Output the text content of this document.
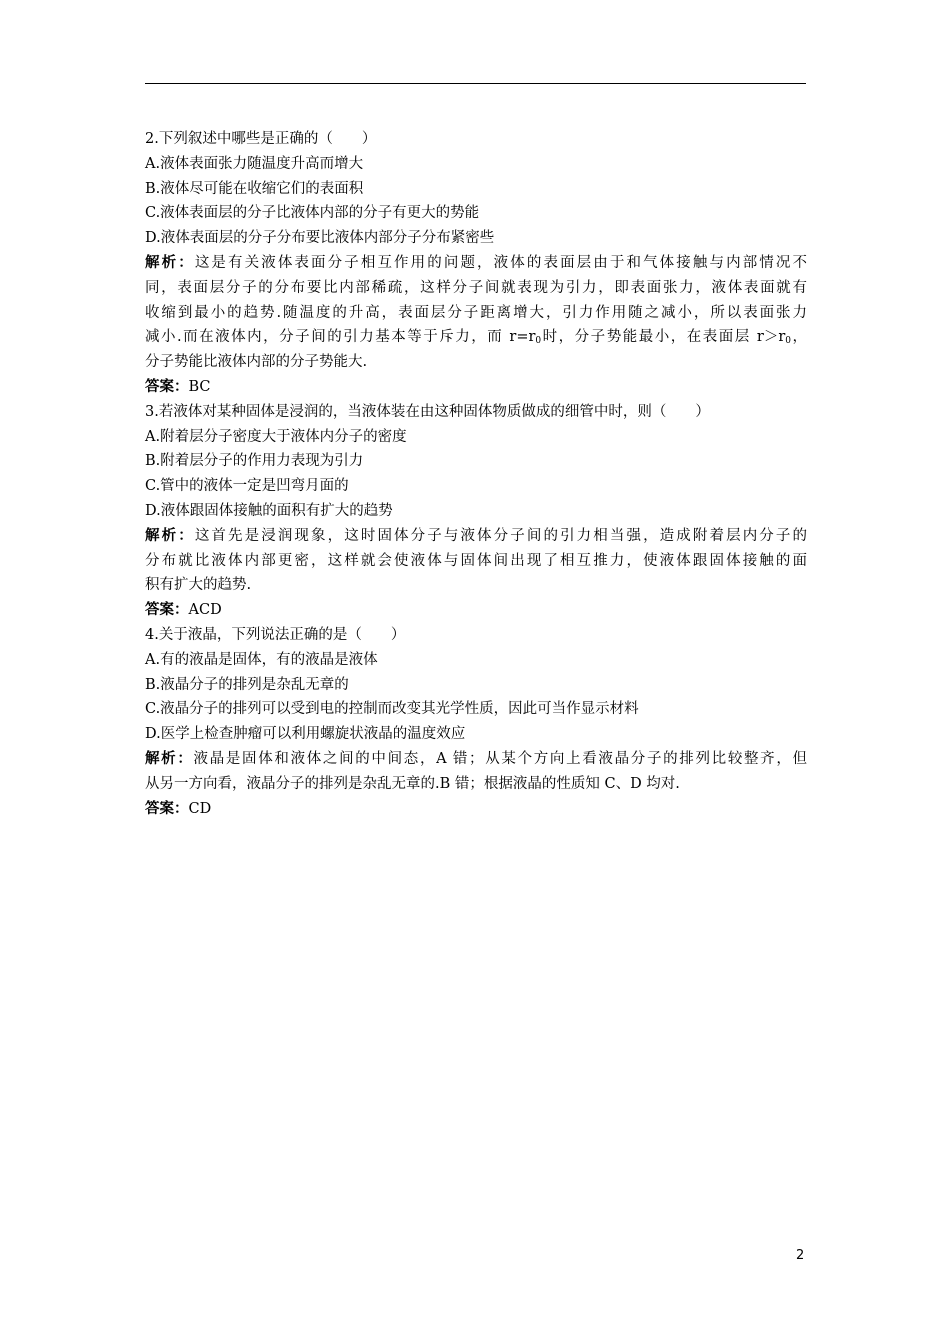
2.下列叙述中哪些是正确的（　　）
A.液体表面张力随温度升高而增大
B.液体尽可能在收缩它们的表面积
C.液体表面层的分子比液体内部的分子有更大的势能
D.液体表面层的分子分布要比液体内部分子分布紧密些
解析：这是有关液体表面分子相互作用的问题，液体的表面层由于和气体接触与内部情况不
同，表面层分子的分布要比内部稀疏，这样分子间就表现为引力，即表面张力，液体表面就有
收缩到最小的趋势.随温度的升高，表面层分子距离增大，引力作用随之减小，所以表面张力
减小.而在液体内，分子间的引力基本等于斥力，而 $r=r_0$时，分子势能最小，在表面层 $r>r_0$，
分子势能比液体内部的分子势能大.
答案：BC
3.若液体对某种固体是浸润的，当液体装在由这种固体物质做成的细管中时，则（　　）
A.附着层分子密度大于液体内分子的密度
B.附着层分子的作用力表现为引力
C.管中的液体一定是凹弯月面的
D.液体跟固体接触的面积有扩大的趋势
解析：这首先是浸润现象，这时固体分子与液体分子间的引力相当强，造成附着层内分子的
分布就比液体内部更密，这样就会使液体与固体间出现了相互推力，使液体跟固体接触的面
积有扩大的趋势.
答案：ACD
4.关于液晶，下列说法正确的是（　　）
A.有的液晶是固体，有的液晶是液体
B.液晶分子的排列是杂乱无章的
C.液晶分子的排列可以受到电的控制而改变其光学性质，因此可当作显示材料
D.医学上检查肿瘤可以利用螺旋状液晶的温度效应
解析：液晶是固体和液体之间的中间态，A 错；从某个方向上看液晶分子的排列比较整齐，但
从另一方向看，液晶分子的排列是杂乱无章的.B 错；根据液晶的性质知 C、D 均对.
答案：CD
2
